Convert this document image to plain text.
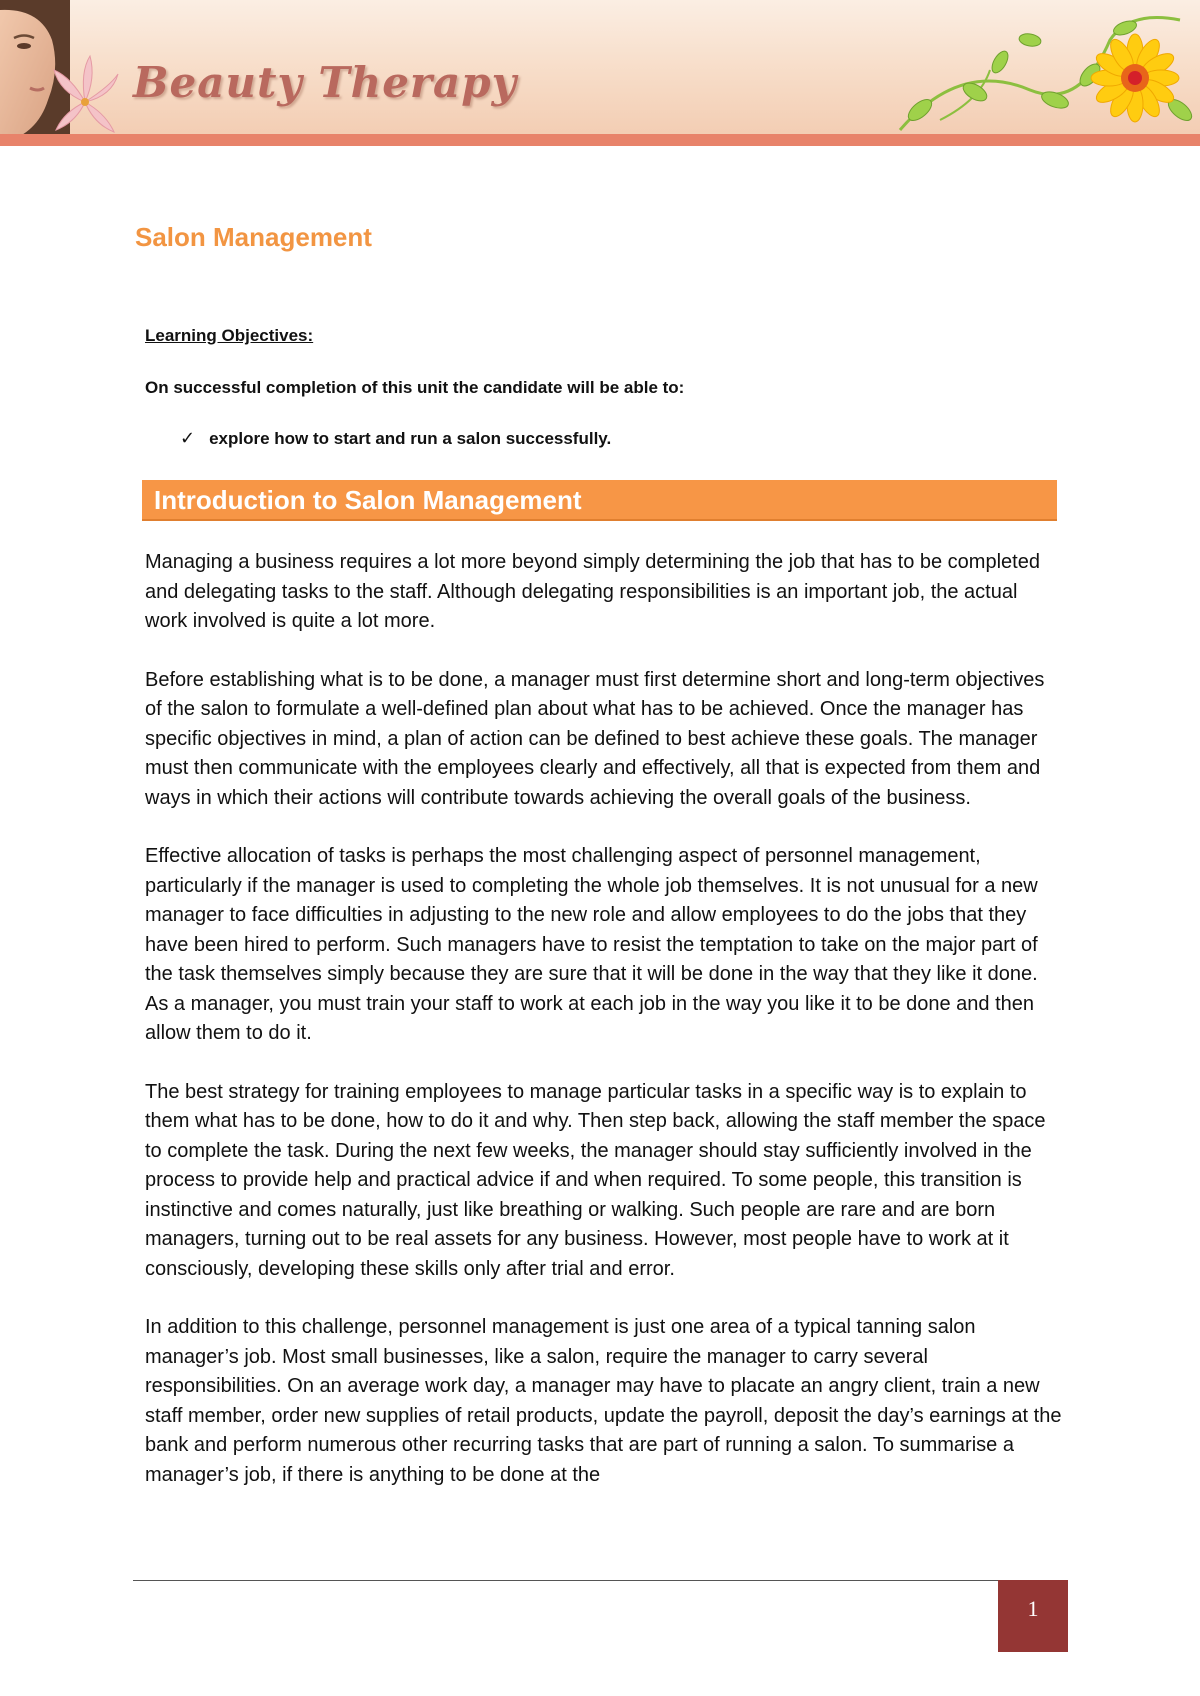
Beauty Therapy
Salon Management
Learning Objectives:
On successful completion of this unit the candidate will be able to:
✓ explore how to start and run a salon successfully.
Introduction to Salon Management

Managing a business requires a lot more beyond simply determining the job that has to be completed and delegating tasks to the staff. Although delegating responsibilities is an important job, the actual work involved is quite a lot more.

Before establishing what is to be done, a manager must first determine short and long-term objectives of the salon to formulate a well-defined plan about what has to be achieved. Once the manager has specific objectives in mind, a plan of action can be defined to best achieve these goals. The manager must then communicate with the employees clearly and effectively, all that is expected from them and ways in which their actions will contribute towards achieving the overall goals of the business.

Effective allocation of tasks is perhaps the most challenging aspect of personnel management, particularly if the manager is used to completing the whole job themselves. It is not unusual for a new manager to face difficulties in adjusting to the new role and allow employees to do the jobs that they have been hired to perform. Such managers have to resist the temptation to take on the major part of the task themselves simply because they are sure that it will be done in the way that they like it done. As a manager, you must train your staff to work at each job in the way you like it to be done and then allow them to do it.

The best strategy for training employees to manage particular tasks in a specific way is to explain to them what has to be done, how to do it and why. Then step back, allowing the staff member the space to complete the task. During the next few weeks, the manager should stay sufficiently involved in the process to provide help and practical advice if and when required. To some people, this transition is instinctive and comes naturally, just like breathing or walking. Such people are rare and are born managers, turning out to be real assets for any business. However, most people have to work at it consciously, developing these skills only after trial and error.

In addition to this challenge, personnel management is just one area of a typical tanning salon manager’s job. Most small businesses, like a salon, require the manager to carry several responsibilities. On an average work day, a manager may have to placate an angry client, train a new staff member, order new supplies of retail products, update the payroll, deposit the day’s earnings at the bank and perform numerous other recurring tasks that are part of running a salon. To summarise a manager’s job, if there is anything to be done at the

1
